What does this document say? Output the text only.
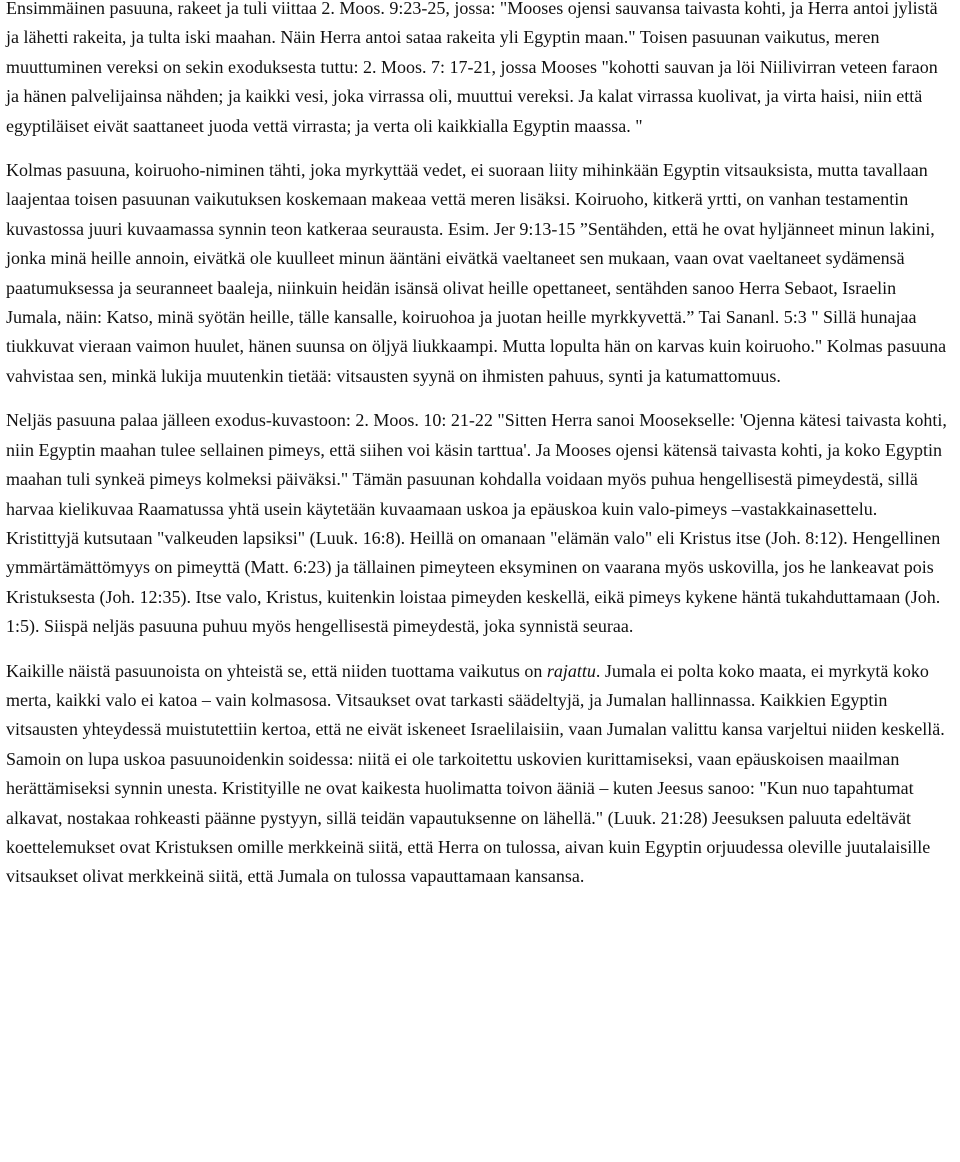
Ensimmäinen pasuuna, rakeet ja tuli viittaa 2. Moos. 9:23-25, jossa: "Mooses ojensi sauvansa taivasta kohti, ja Herra antoi jylistä ja lähetti rakeita, ja tulta iski maahan. Näin Herra antoi sataa rakeita yli Egyptin maan." Toisen pasuunan vaikutus, meren muuttuminen vereksi on sekin exoduksesta tuttu: 2. Moos. 7: 17-21, jossa Mooses "kohotti sauvan ja löi Niilivirran veteen faraon ja hänen palvelijainsa nähden; ja kaikki vesi, joka virrassa oli, muuttui vereksi. Ja kalat virrassa kuolivat, ja virta haisi, niin että egyptiläiset eivät saattaneet juoda vettä virrasta; ja verta oli kaikkialla Egyptin maassa. "

Kolmas pasuuna, koiruoho-niminen tähti, joka myrkyttää vedet, ei suoraan liity mihinkään Egyptin vitsauksista, mutta tavallaan laajentaa toisen pasuunan vaikutuksen koskemaan makeaa vettä meren lisäksi. Koiruoho, kitkerä yrtti, on vanhan testamentin kuvastossa juuri kuvaamassa synnin teon katkeraa seurausta. Esim. Jer 9:13-15 ”Sentähden, että he ovat hyljänneet minun lakini, jonka minä heille annoin, eivätkä ole kuulleet minun ääntäni eivätkä vaeltaneet sen mukaan, vaan ovat vaeltaneet sydämensä paatumuksessa ja seuranneet baaleja, niinkuin heidän isänsä olivat heille opettaneet, sentähden sanoo Herra Sebaot, Israelin Jumala, näin: Katso, minä syötän heille, tälle kansalle, koiruohoa ja juotan heille myrkkyvettä.” Tai Sananl. 5:3 " Sillä hunajaa tiukkuvat vieraan vaimon huulet, hänen suunsa on öljyä liukkaampi. Mutta lopulta hän on karvas kuin koiruoho." Kolmas pasuuna vahvistaa sen, minkä lukija muutenkin tietää: vitsausten syynä on ihmisten pahuus, synti ja katumattomuus.

Neljäs pasuuna palaa jälleen exodus-kuvastoon: 2. Moos. 10: 21-22 "Sitten Herra sanoi Moosekselle: 'Ojenna kätesi taivasta kohti, niin Egyptin maahan tulee sellainen pimeys, että siihen voi käsin tarttua'. Ja Mooses ojensi kätensä taivasta kohti, ja koko Egyptin maahan tuli synkeä pimeys kolmeksi päiväksi." Tämän pasuunan kohdalla voidaan myös puhua hengellisestä pimeydestä, sillä harvaa kielikuvaa Raamatussa yhtä usein käytetään kuvaamaan uskoa ja epäuskoa kuin valo-pimeys –vastakkainasettelu. Kristittyjä kutsutaan "valkeuden lapsiksi" (Luuk. 16:8). Heillä on omanaan "elämän valo" eli Kristus itse (Joh. 8:12). Hengellinen ymmärtämättömyys on pimeyttä (Matt. 6:23) ja tällainen pimeyteen eksyminen on vaarana myös uskovilla, jos he lankeavat pois Kristuksesta (Joh. 12:35). Itse valo, Kristus, kuitenkin loistaa pimeyden keskellä, eikä pimeys kykene häntä tukahduttamaan (Joh. 1:5). Siispä neljäs pasuuna puhuu myös hengellisestä pimeydestä, joka synnistä seuraa.

Kaikille näistä pasuunoista on yhteistä se, että niiden tuottama vaikutus on rajattu. Jumala ei polta koko maata, ei myrkytä koko merta, kaikki valo ei katoa – vain kolmasosa. Vitsaukset ovat tarkasti säädeltyjä, ja Jumalan hallinnassa. Kaikkien Egyptin vitsausten yhteydessä muistutettiin kertoa, että ne eivät iskeneet Israelilaisiin, vaan Jumalan valittu kansa varjeltui niiden keskellä. Samoin on lupa uskoa pasuunoidenkin soidessa: niitä ei ole tarkoitettu uskovien kurittamiseksi, vaan epäuskoisen maailman herättämiseksi synnin unesta. Kristityille ne ovat kaikesta huolimatta toivon ääniä – kuten Jeesus sanoo: "Kun nuo tapahtumat alkavat, nostakaa rohkeasti päänne pystyyn, sillä teidän vapautuksenne on lähellä." (Luuk. 21:28) Jeesuksen paluuta edeltävät koettelemukset ovat Kristuksen omille merkkeinä siitä, että Herra on tulossa, aivan kuin Egyptin orjuudessa oleville juutalaisille vitsaukset olivat merkkeinä siitä, että Jumala on tulossa vapauttamaan kansansa.
